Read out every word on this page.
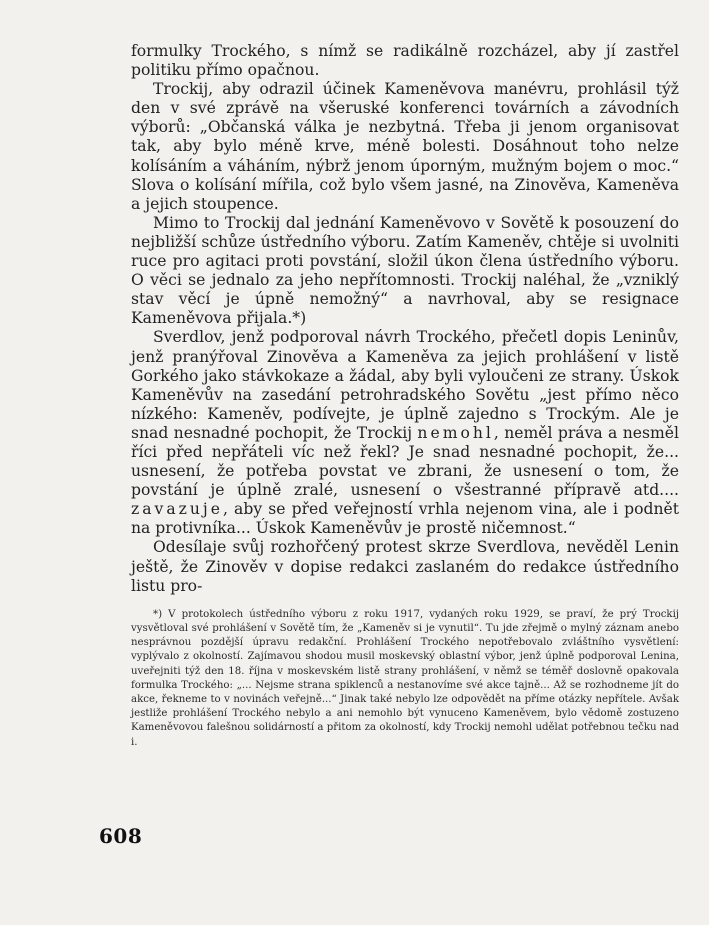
formulky Trockého, s nímž se radikálně rozcházel, aby jí zastřel politiku přímo opačnou.

Trockij, aby odrazil účinek Kameněvova manévru, prohlásil týž den v své zprávě na všeruské konferenci továrních a závodních výborů: „Občanská válka je nezbytná. Třeba ji jenom organisovat tak, aby bylo méně krve, méně bolesti. Dosáhnout toho nelze kolísáním a váháním, nýbrž jenom úporným, mužným bojem o moc.“ Slova o kolísání mířila, což bylo všem jasné, na Zinověva, Kameněva a jejich stoupence.

Mimo to Trockij dal jednání Kameněvovo v Sovětě k posouzení do nejbližší schůze ústředního výboru. Zatím Kameněv, chtěje si uvolniti ruce pro agitaci proti povstání, složil úkon člena ústředního výboru. O věci se jednalo za jeho nepřítomnosti. Trockij naléhal, že „vzniklý stav věcí je úpně nemožný“ a navrhoval, aby se resignace Kameněvova přijala.*)

Sverdlov, jenž podporoval návrh Trockého, přečetl dopis Leninův, jenž pranýřoval Zinověva a Kameněva za jejich prohlášení v listě Gorkého jako stávkokaze a žádal, aby byli vyloučeni ze strany. Úskok Kameněvův na zasedání petrohradského Sovětu „jest přímo něco nízkého: Kameněv, podívejte, je úplně zajedno s Trockým. Ale je snad nesnadné pochopit, že Trockij nemohl, neměl práva a nesměl říci před nepřáteli víc než řekl? Je snad nesnadné pochopit, že... usnesení, že potřeba povstat ve zbrani, že usnesení o tom, že povstání je úplně zralé, usnesení o všestranné přípravě atd.... zavazuje, aby se před veřejností vrhla nejenom vina, ale i podnět na protivníka... Úskok Kameněvův je prostě ničemnost.“

Odesílaje svůj rozhořčený protest skrze Sverdlova, nevěděl Lenin ještě, že Zinověv v dopise redakci zaslaném do redakce ústředního listu pro-

*) V protokolech ústředního výboru z roku 1917, vydaných roku 1929, se praví, že prý Trockij vysvětloval své prohlášení v Sovětě tím, že „Kameněv si je vynutil“. Tu jde zřejmě o mylný záznam anebo nesprávnou pozdější úpravu redakční. Prohlášení Trockého nepotřebovalo zvláštního vysvětlení: vyplývalo z okolností. Zajímavou shodou musil moskevský oblastní výbor, jenž úplně podporoval Lenina, uveřejniti týž den 18. října v moskevském listě strany prohlášení, v němž se téměř doslovně opakovala formulka Trockého: „... Nejsme strana spiklenců a nestanovíme své akce tajně... Až se rozhodneme jít do akce, řekneme to v novinách veřejně...“ Jinak také nebylo lze odpovědět na příme otázky nepřítele. Avšak jestliže prohlášení Trockého nebylo a ani nemohlo být vynuceno Kameněvem, bylo vědomě zostuzeno Kameněvovou falešnou solidárností a přitom za okolností, kdy Trockij nemohl udělat potřebnou tečku nad i.
608
